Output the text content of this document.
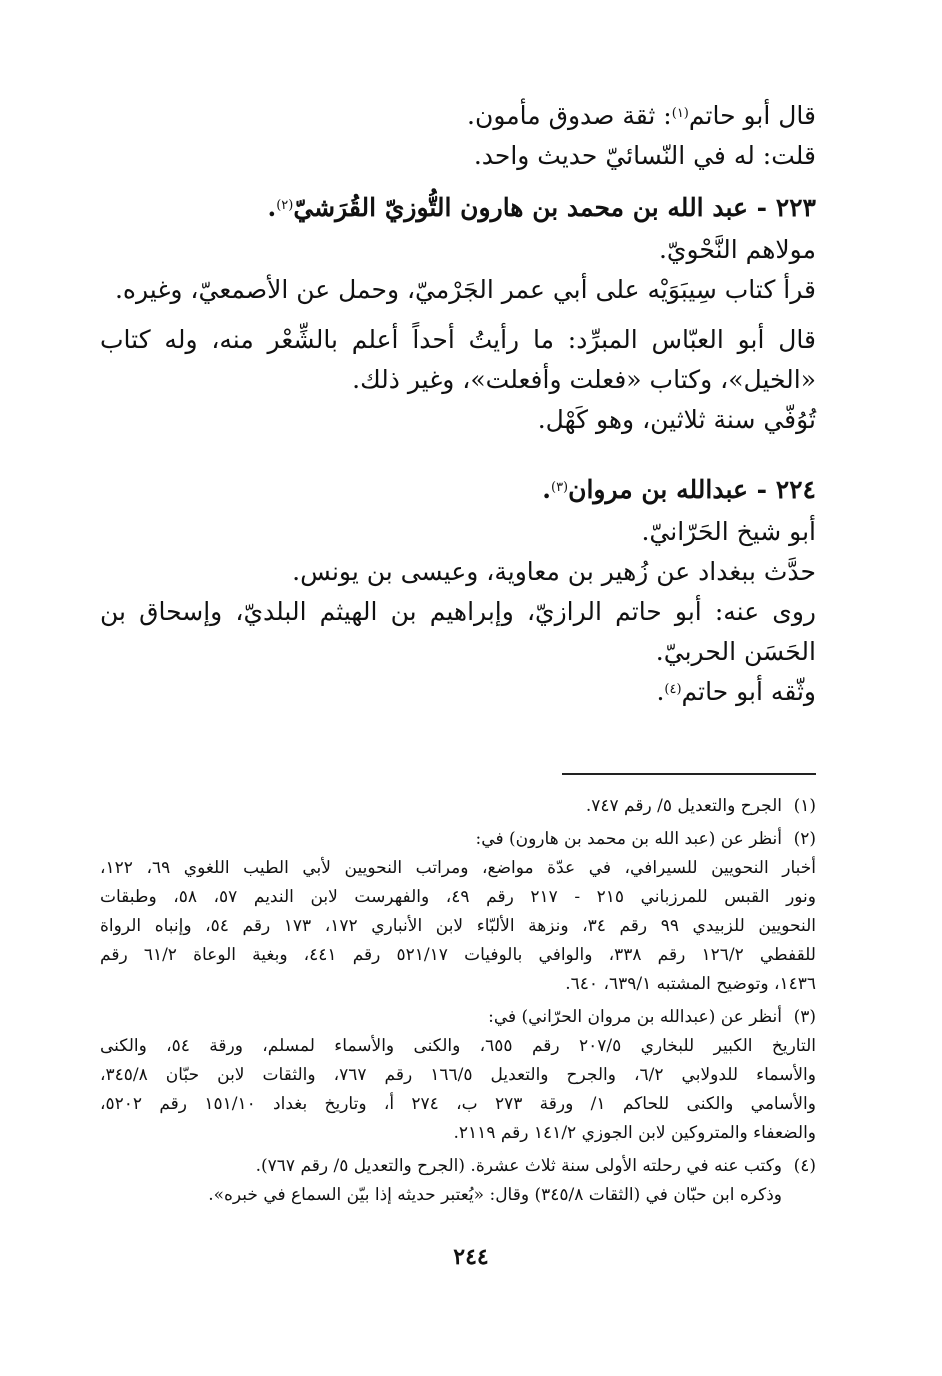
قال أبو حاتم$^{(١)}$: ثقة صدوق مأمون.
قلت: له في النّسائيّ حديث واحد.
٢٢٣ - عبد الله بن محمد بن هارون التُّوزيّ القُرَشيّ$^{(٢)}$.
مولاهم النَّحْويّ.
قرأ كتاب سِيبَوَيْه على أبي عمر الجَرْميّ، وحمل عن الأصمعيّ، وغيره.
قال أبو العبّاس المبرِّد: ما رأيتُ أحداً أعلم بالشِّعْر منه، وله كتاب
«الخيل»، وكتاب «فعلت وأفعلت»، وغير ذلك.
تُوُفّي سنة ثلاثين، وهو كَهْل.
٢٢٤ - عبدالله بن مروان$^{(٣)}$.
أبو شيخ الحَرّانيّ.
حدَّث ببغداد عن زُهير بن معاوية، وعيسى بن يونس.
روى عنه: أبو حاتم الرازيّ، وإبراهيم بن الهيثم البلديّ، وإسحاق بن
الحَسَن الحربيّ.
وثّقه أبو حاتم$^{(٤)}$.
(١)
الجرح والتعديل ٥/ رقم ٧٤٧.
(٢)
أنظر عن (عبد الله بن محمد بن هارون) في:
أخبار النحويين للسيرافي، في عدّة مواضع، ومراتب النحويين لأبي الطيب اللغوي ٦٩، ١٢٢،
ونور القبس للمرزباني ٢١٥ - ٢١٧ رقم ٤٩، والفهرست لابن النديم ٥٧، ٥٨، وطبقات
النحويين للزبيدي ٩٩ رقم ٣٤، ونزهة الألبّاء لابن الأنباري ١٧٢، ١٧٣ رقم ٥٤، وإنباه الرواة
للقفطي ١٢٦/٢ رقم ٣٣٨، والوافي بالوفيات ٥٢١/١٧ رقم ٤٤١، وبغية الوعاة ٦١/٢ رقم
١٤٣٦، وتوضيح المشتبه ٦٣٩/١، ٦٤٠.
(٣)
أنظر عن (عبدالله بن مروان الحرّاني) في:
التاريخ الكبير للبخاري ٢٠٧/٥ رقم ٦٥٥، والكنى والأسماء لمسلم، ورقة ٥٤، والكنى
والأسماء للدولابي ٦/٢، والجرح والتعديل ١٦٦/٥ رقم ٧٦٧، والثقات لابن حبّان ٣٤٥/٨،
والأسامي والكنى للحاكم ١/ ورقة ٢٧٣ ب، ٢٧٤ أ، وتاريخ بغداد ١٥١/١٠ رقم ٥٢٠٢،
والضعفاء والمتروكين لابن الجوزي ١٤١/٢ رقم ٢١١٩.
(٤)
وكتب عنه في رحلته الأولى سنة ثلاث عشرة. (الجرح والتعديل ٥/ رقم ٧٦٧).
وذكره ابن حبّان في (الثقات ٣٤٥/٨) وقال: «يُعتبر حديثه إذا بيّن السماع في خبره».
٢٤٤
